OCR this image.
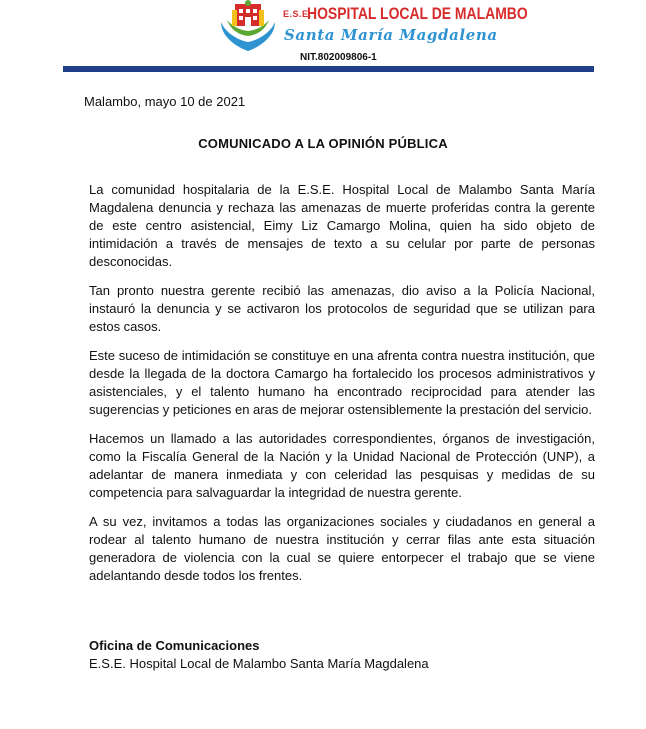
E.S.E.
HOSPITAL LOCAL DE MALAMBO
Santa María Magdalena
NIT.802009806-1
Malambo, mayo 10 de 2021
COMUNICADO A LA OPINIÓN PÚBLICA

La comunidad hospitalaria de la E.S.E. Hospital Local de Malambo Santa María Magdalena denuncia y rechaza las amenazas de muerte proferidas contra la gerente de este centro asistencial, Eimy Liz Camargo Molina, quien ha sido objeto de intimidación a través de mensajes de texto a su celular por parte de personas desconocidas.

Tan pronto nuestra gerente recibió las amenazas, dio aviso a la Policía Nacional, instauró la denuncia y se activaron los protocolos de seguridad que se utilizan para estos casos.

Este suceso de intimidación se constituye en una afrenta contra nuestra institución, que desde la llegada de la doctora Camargo ha fortalecido los procesos administrativos y asistenciales, y el talento humano ha encontrado reciprocidad para atender las sugerencias y peticiones en aras de mejorar ostensiblemente la prestación del servicio.

Hacemos un llamado a las autoridades correspondientes, órganos de investigación, como la Fiscalía General de la Nación y la Unidad Nacional de Protección (UNP), a adelantar de manera inmediata y con celeridad las pesquisas y medidas de su competencia para salvaguardar la integridad de nuestra gerente.

A su vez, invitamos a todas las organizaciones sociales y ciudadanos en general a rodear al talento humano de nuestra institución y cerrar filas ante esta situación generadora de violencia con la cual se quiere entorpecer el trabajo que se viene adelantando desde todos los frentes.

Oficina de Comunicaciones
E.S.E. Hospital Local de Malambo Santa María Magdalena
